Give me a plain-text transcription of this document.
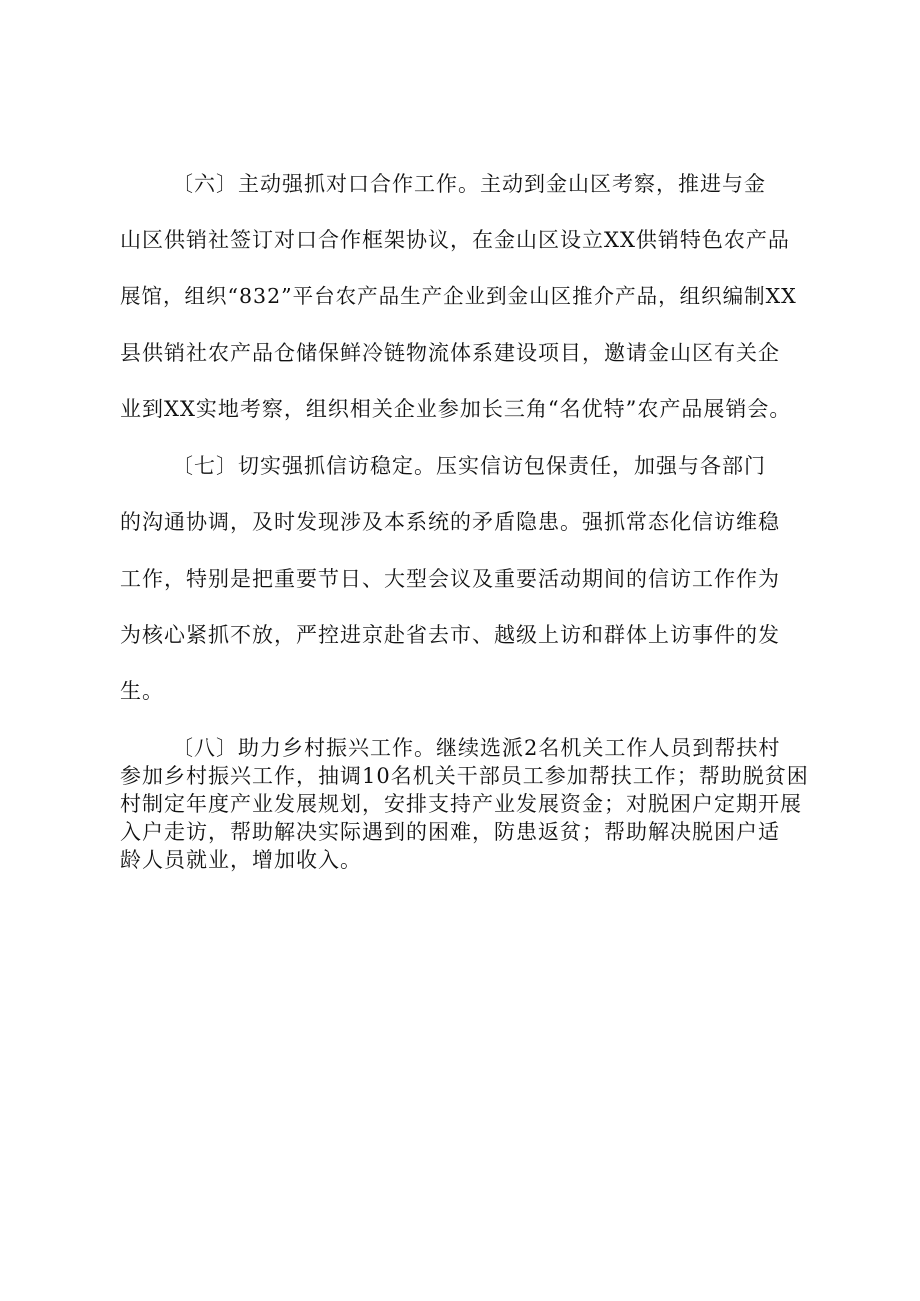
〔六〕主动强抓对口合作工作。主动到金山区考察，推进与金

山区供销社签订对口合作框架协议，在金山区设立XX供销特色农产品

展馆，组织“832”平台农产品生产企业到金山区推介产品，组织编制XX

县供销社农产品仓储保鲜冷链物流体系建设项目，邀请金山区有关企

业到XX实地考察，组织相关企业参加长三角“名优特”农产品展销会。

〔七〕切实强抓信访稳定。压实信访包保责任，加强与各部门

的沟通协调，及时发现涉及本系统的矛盾隐患。强抓常态化信访维稳

工作，特别是把重要节日、大型会议及重要活动期间的信访工作作为

为核心紧抓不放，严控进京赴省去市、越级上访和群体上访事件的发

生。

〔八〕助力乡村振兴工作。继续选派2名机关工作人员到帮扶村

参加乡村振兴工作，抽调10名机关干部员工参加帮扶工作；帮助脱贫困

村制定年度产业发展规划，安排支持产业发展资金；对脱困户定期开展

入户走访，帮助解决实际遇到的困难，防患返贫；帮助解决脱困户适

龄人员就业，增加收入。
